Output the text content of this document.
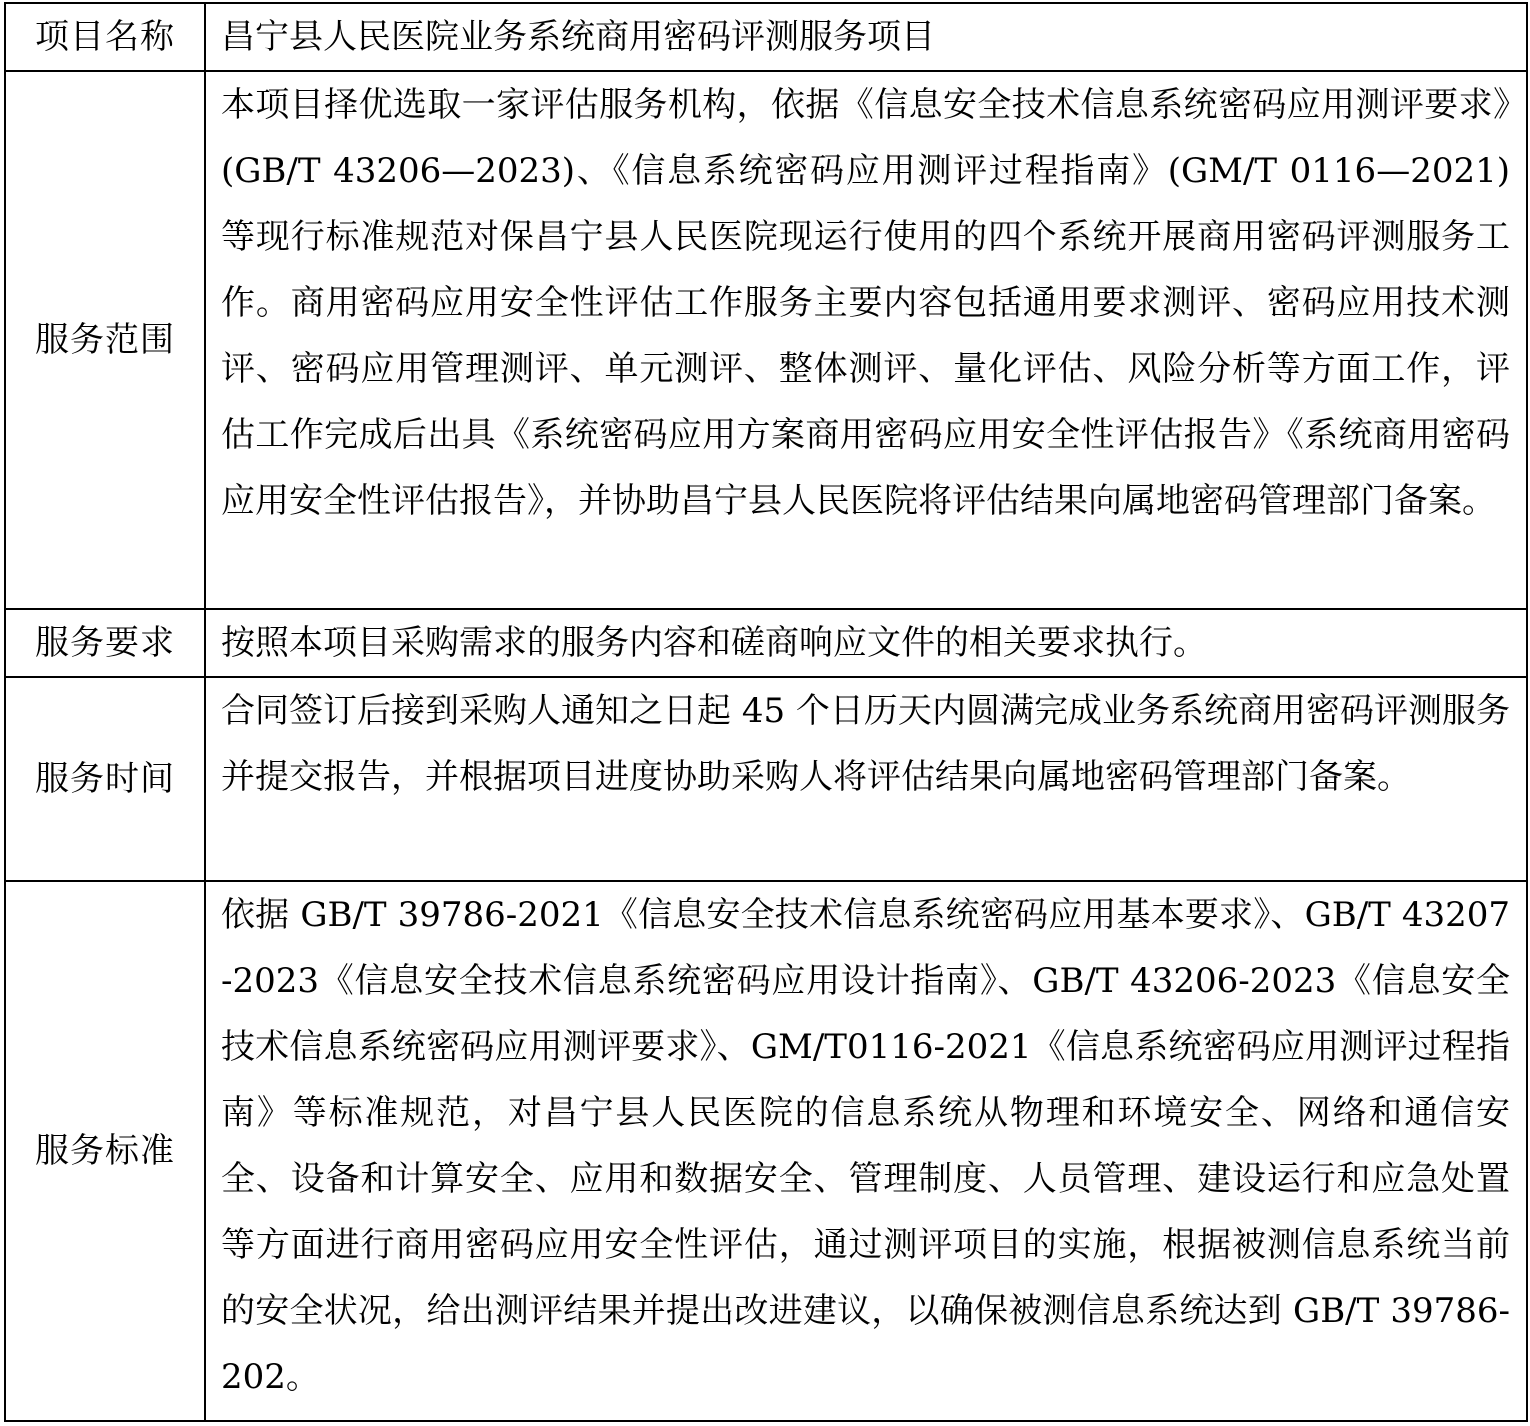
项目名称	昌宁县人民医院业务系统商用密码评测服务项目

服务范围	本项目择优选取一家评估服务机构，依据《信息安全技术信息系统密码应用测评要求》(GB/T 43206—2023)、《信息系统密码应用测评过程指南》(GM/T 0116—2021) 等现行标准规范对保昌宁县人民医院现运行使用的四个系统开展商用密码评测服务工作。商用密码应用安全性评估工作服务主要内容包括通用要求测评、密码应用技术测评、密码应用管理测评、单元测评、整体测评、量化评估、风险分析等方面工作，评估工作完成后出具《系统密码应用方案商用密码应用安全性评估报告》《系统商用密码应用安全性评估报告》，并协助昌宁县人民医院将评估结果向属地密码管理部门备案。

服务要求	按照本项目采购需求的服务内容和磋商响应文件的相关要求执行。

服务时间	合同签订后接到采购人通知之日起 45 个日历天内圆满完成业务系统商用密码评测服务并提交报告，并根据项目进度协助采购人将评估结果向属地密码管理部门备案。

服务标准	依据 GB/T 39786-2021《信息安全技术信息系统密码应用基本要求》、GB/T 43207-2023《信息安全技术信息系统密码应用设计指南》、GB/T 43206-2023《信息安全技术信息系统密码应用测评要求》、GM/T0116-2021《信息系统密码应用测评过程指南》等标准规范，对昌宁县人民医院的信息系统从物理和环境安全、网络和通信安全、设备和计算安全、应用和数据安全、管理制度、人员管理、建设运行和应急处置等方面进行商用密码应用安全性评估，通过测评项目的实施，根据被测信息系统当前的安全状况，给出测评结果并提出改进建议，以确保被测信息系统达到 GB/T 39786-202。
